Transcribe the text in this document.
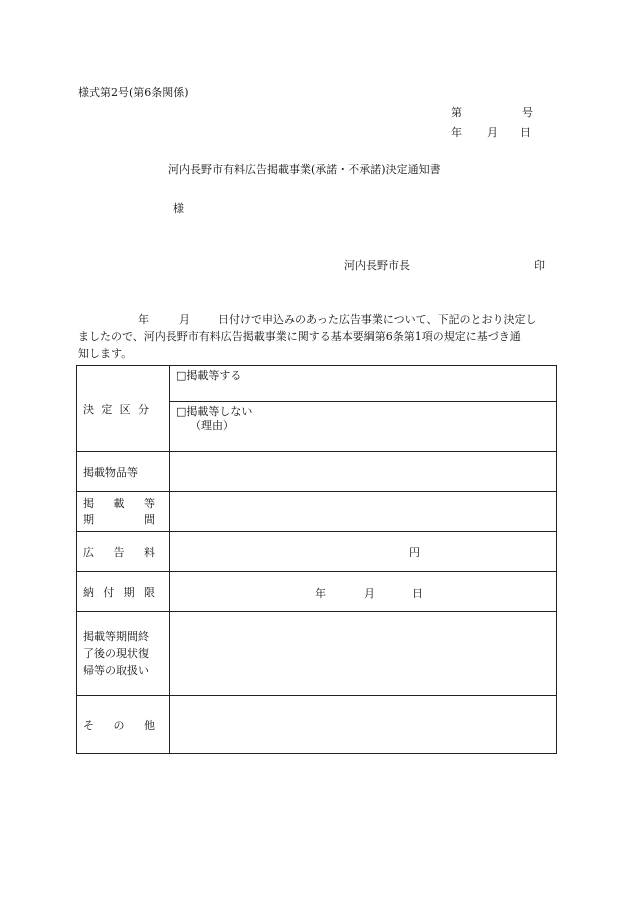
様式第2号(第6条関係)
第	号
年 月 日
河内長野市有料広告掲載事業(承諾・不承諾)決定通知書
様
河内長野市長	印
年	月	日付けで申込みのあった広告事業について、下記のとおり決定し
ましたので、河内長野市有料広告掲載事業に関する基本要綱第6条第1項の規定に基づき通
知します。
決 定 区 分	□掲載等する

	□掲載等しない
（理由）

掲載物品等	

掲 載 等
期 間	

広 告 料	円

納 付 期 限	年 月 日

掲載等期間終
了後の現状復
帰等の取扱い	

そ の 他	
